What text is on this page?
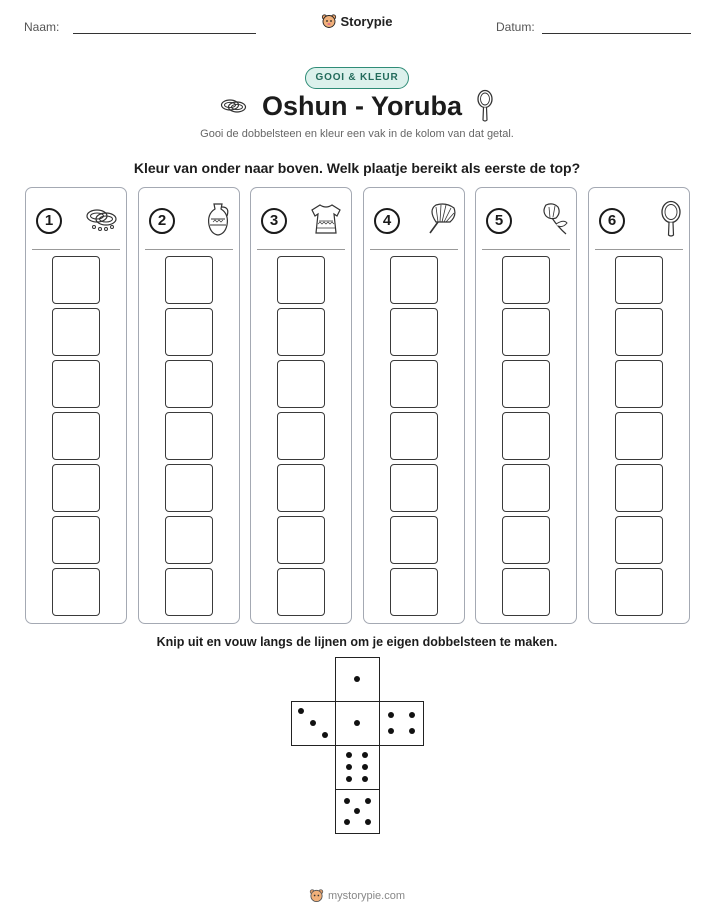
Naam:	Storypie	Datum:
GOOI & KLEUR
Oshun - Yoruba
Gooi de dobbelsteen en kleur een vak in de kolom van dat getal.
Kleur van onder naar boven. Welk plaatje bereikt als eerste de top?
1	2	3	4	5	6
Knip uit en vouw langs de lijnen om je eigen dobbelsteen te maken.
mystorypie.com
